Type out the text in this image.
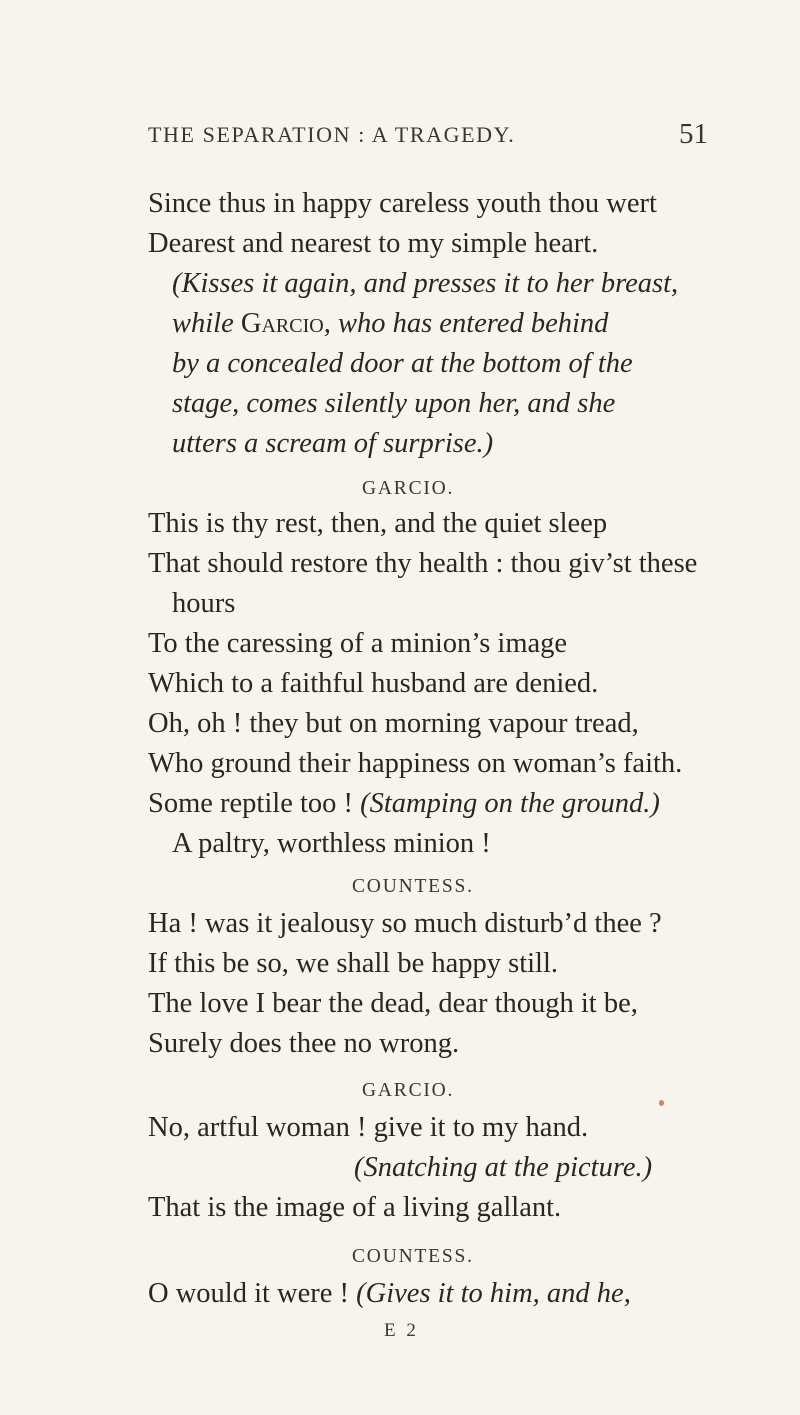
THE SEPARATION : A TRAGEDY.	51
Since thus in happy careless youth thou wert
Dearest and nearest to my simple heart.
(Kisses it again, and presses it to her breast,
while Garcio, who has entered behind
by a concealed door at the bottom of the
stage, comes silently upon her, and she
utters a scream of surprise.)
GARCIO.
This is thy rest, then, and the quiet sleep
That should restore thy health : thou giv’st these
hours
To the caressing of a minion’s image
Which to a faithful husband are denied.
Oh, oh ! they but on morning vapour tread,
Who ground their happiness on woman’s faith.
Some reptile too ! (Stamping on the ground.)
A paltry, worthless minion !
COUNTESS.
Ha ! was it jealousy so much disturb’d thee ?
If this be so, we shall be happy still.
The love I bear the dead, dear though it be,
Surely does thee no wrong.
GARCIO.
No, artful woman ! give it to my hand.
(Snatching at the picture.)
That is the image of a living gallant.
COUNTESS.
O would it were ! (Gives it to him, and he,
E 2
